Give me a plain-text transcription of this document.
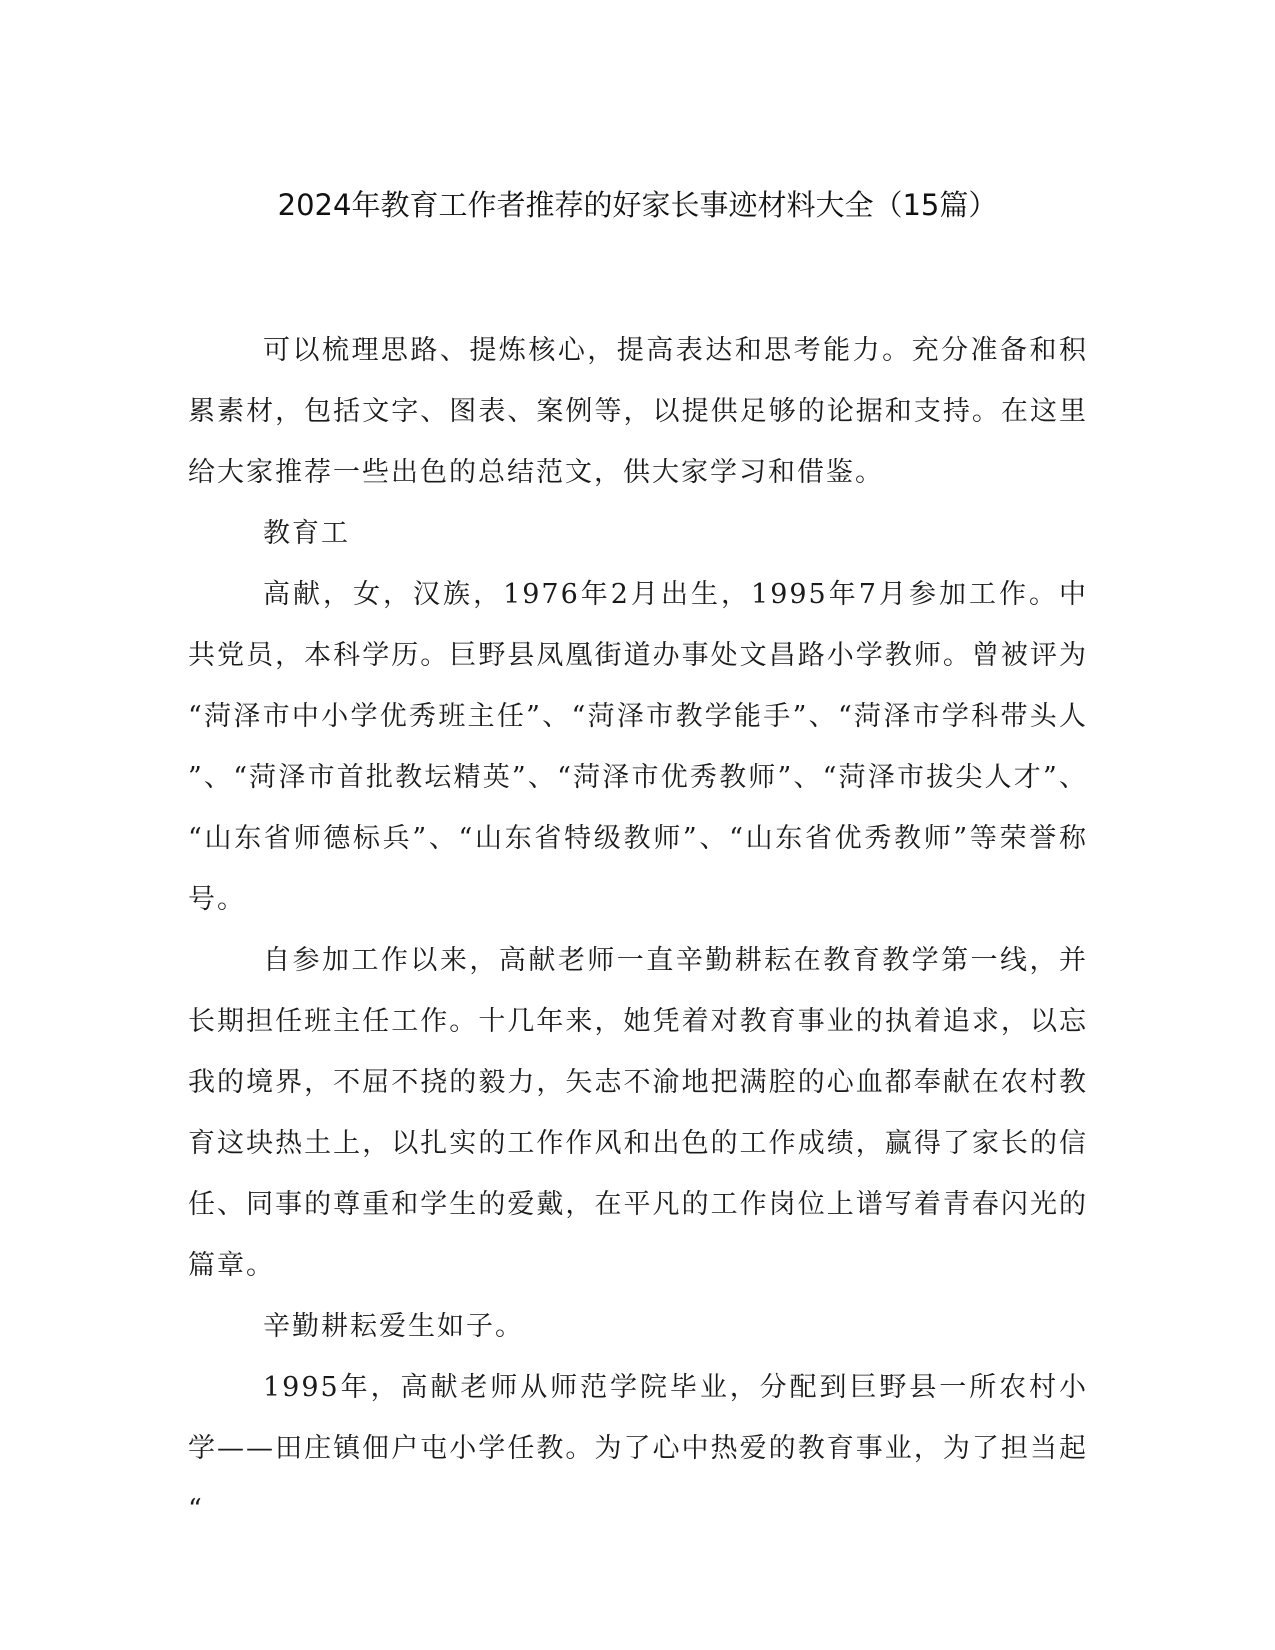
2024年教育工作者推荐的好家长事迹材料大全（15篇）

可以梳理思路、提炼核心，提高表达和思考能力。充分准备和积累素材，包括文字、图表、案例等，以提供足够的论据和支持。在这里给大家推荐一些出色的总结范文，供大家学习和借鉴。

教育工

高献，女，汉族，1976年2月出生，1995年7月参加工作。中共党员，本科学历。巨野县凤凰街道办事处文昌路小学教师。曾被评为“菏泽市中小学优秀班主任”、“菏泽市教学能手”、“菏泽市学科带头人”、“菏泽市首批教坛精英”、“菏泽市优秀教师”、“菏泽市拔尖人才”、“山东省师德标兵”、“山东省特级教师”、“山东省优秀教师”等荣誉称号。

自参加工作以来，高献老师一直辛勤耕耘在教育教学第一线，并长期担任班主任工作。十几年来，她凭着对教育事业的执着追求，以忘我的境界，不屈不挠的毅力，矢志不渝地把满腔的心血都奉献在农村教育这块热土上，以扎实的工作作风和出色的工作成绩，赢得了家长的信任、同事的尊重和学生的爱戴，在平凡的工作岗位上谱写着青春闪光的篇章。

辛勤耕耘爱生如子。

1995年，高献老师从师范学院毕业，分配到巨野县一所农村小学——田庄镇佃户屯小学任教。为了心中热爱的教育事业，为了担当起“
